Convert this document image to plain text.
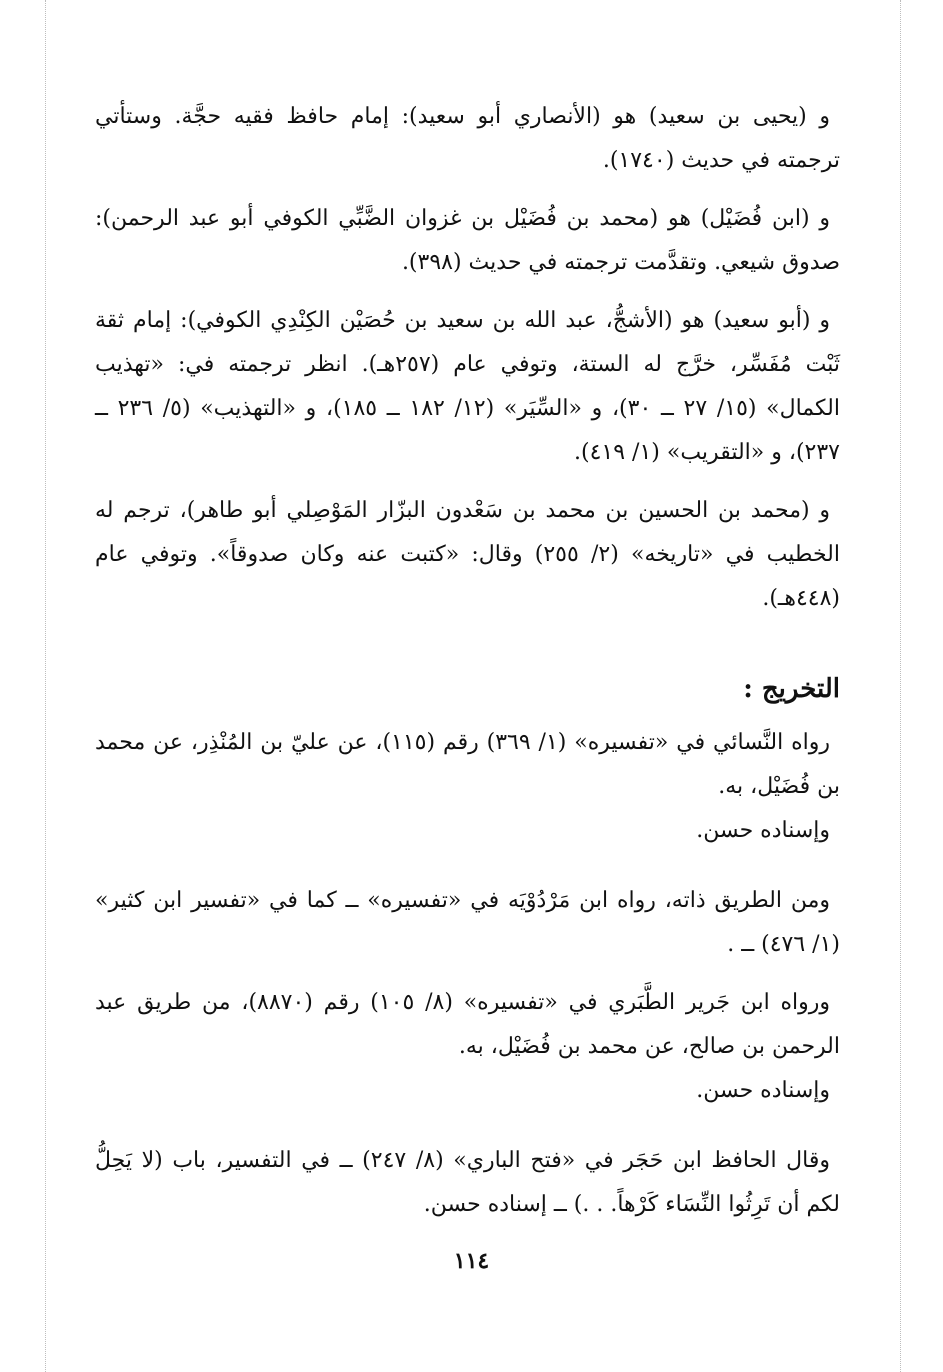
و (يحيى بن سعيد) هو (الأنصاري أبو سعيد): إمام حافظ فقيه حجَّة. وستأتي ترجمته في حديث (١٧٤٠).

و (ابن فُضَيْل) هو (محمد بن فُضَيْل بن غزوان الضَّبِّي الكوفي أبو عبد الرحمن): صدوق شيعي. وتقدَّمت ترجمته في حديث (٣٩٨).

و (أبو سعيد) هو (الأشجُّ، عبد الله بن سعيد بن حُصَيْن الكِنْدِي الكوفي): إمام ثقة ثَبْت مُفَسِّر، خرَّج له الستة، وتوفي عام (٢٥٧هـ). انظر ترجمته في: «تهذيب الكمال» (١٥/ ٢٧ ــ ٣٠)، و «السِّيَر» (١٢/ ١٨٢ ــ ١٨٥)، و «التهذيب» (٥/ ٢٣٦ ــ ٢٣٧)، و «التقريب» (١/ ٤١٩).

و (محمد بن الحسين بن محمد بن سَعْدون البزّار المَوْصِلي أبو طاهر)، ترجم له الخطيب في «تاريخه» (٢/ ٢٥٥) وقال: «كتبت عنه وكان صدوقاً». وتوفي عام (٤٤٨هـ).

التخريج :

رواه النَّسائي في «تفسيره» (١/ ٣٦٩) رقم (١١٥)، عن عليّ بن المُنْذِر، عن محمد بن فُضَيْل، به.

وإسناده حسن.

ومن الطريق ذاته، رواه ابن مَرْدُوْيَه في «تفسيره» ــ كما في «تفسير ابن كثير» (١/ ٤٧٦) ــ .

ورواه ابن جَرير الطَّبَري في «تفسيره» (٨/ ١٠٥) رقم (٨٨٧٠)، من طريق عبد الرحمن بن صالح، عن محمد بن فُضَيْل، به.

وإسناده حسن.

وقال الحافظ ابن حَجَر في «فتح الباري» (٨/ ٢٤٧) ــ في التفسير، باب (لا يَحِلُّ لكم أن تَرِثُوا النِّسَاء كَرْهاً. . .) ــ إسناده حسن.

١١٤
